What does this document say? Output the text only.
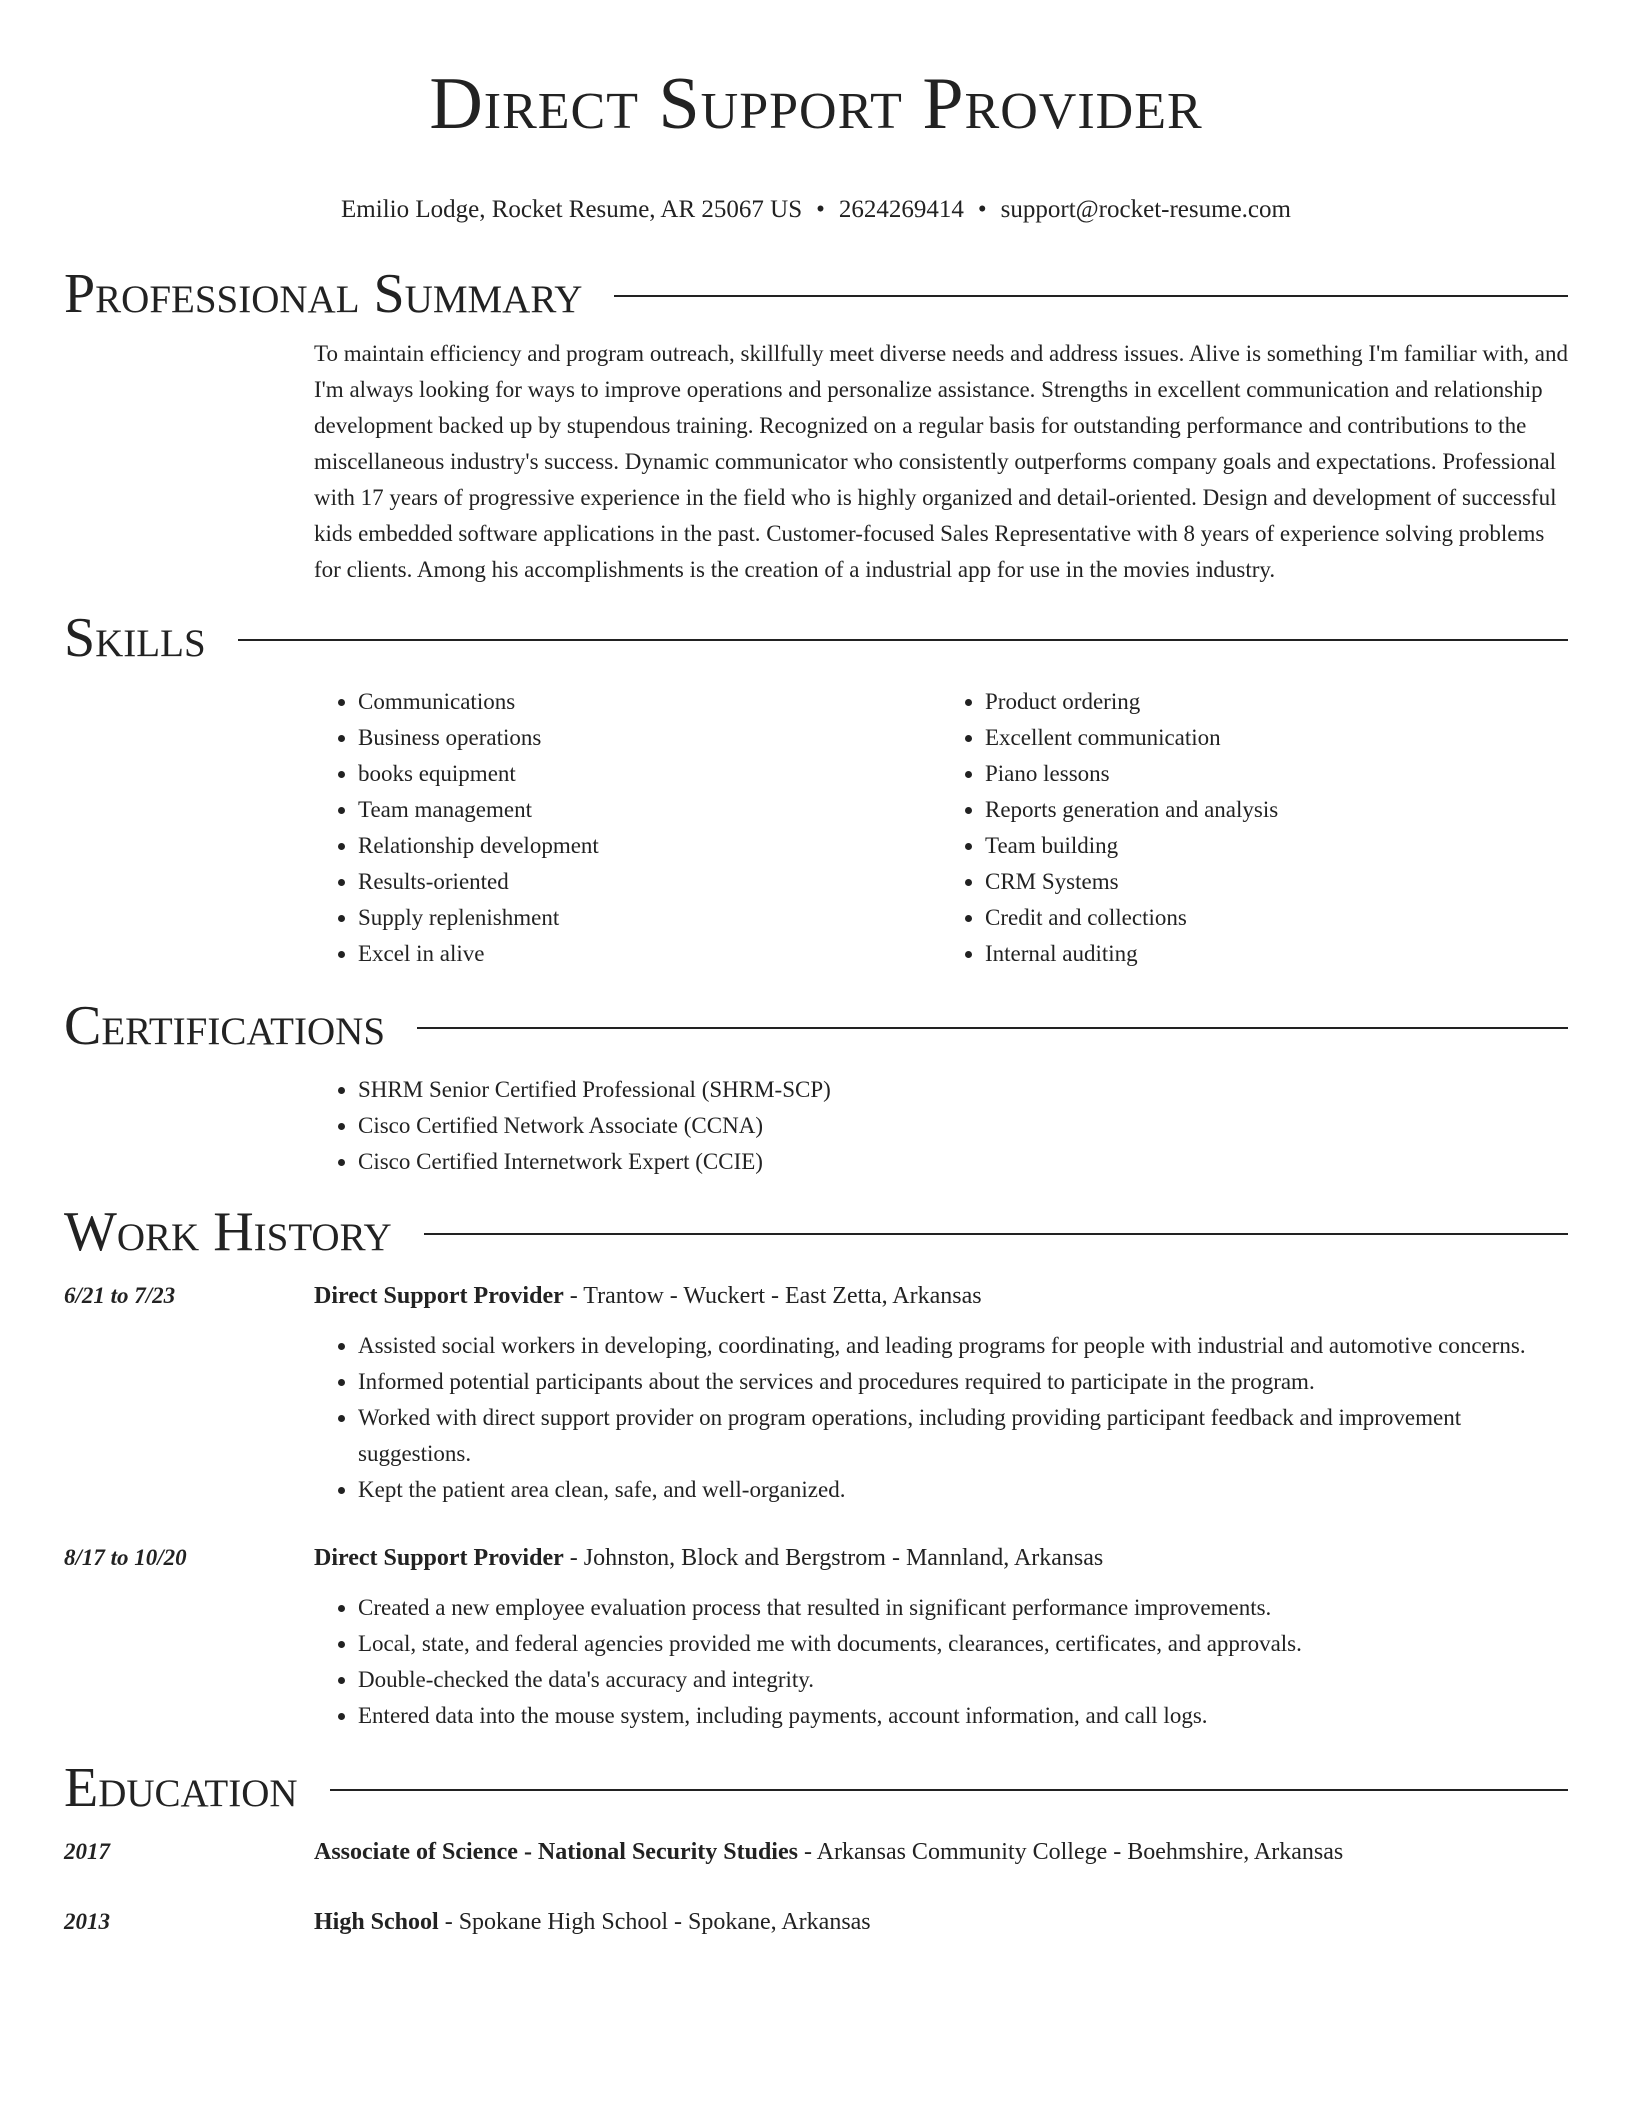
Direct Support Provider
Emilio Lodge, Rocket Resume, AR 25067 US • 2624269414 • support@rocket-resume.com
Professional Summary

To maintain efficiency and program outreach, skillfully meet diverse needs and address issues. Alive is something I'm familiar with, and I'm always looking for ways to improve operations and personalize assistance. Strengths in excellent communication and relationship development backed up by stupendous training. Recognized on a regular basis for outstanding performance and contributions to the miscellaneous industry's success. Dynamic communicator who consistently outperforms company goals and expectations. Professional with 17 years of progressive experience in the field who is highly organized and detail-oriented. Design and development of successful kids embedded software applications in the past. Customer-focused Sales Representative with 8 years of experience solving problems for clients. Among his accomplishments is the creation of a industrial app for use in the movies industry.

Skills
• Communications
• Business operations
• books equipment
• Team management
• Relationship development
• Results-oriented
• Supply replenishment
• Excel in alive
• Product ordering
• Excellent communication
• Piano lessons
• Reports generation and analysis
• Team building
• CRM Systems
• Credit and collections
• Internal auditing
Certifications
• SHRM Senior Certified Professional (SHRM-SCP)
• Cisco Certified Network Associate (CCNA)
• Cisco Certified Internetwork Expert (CCIE)
Work History
6/21 to 7/23	Direct Support Provider - Trantow - Wuckert - East Zetta, Arkansas
• Assisted social workers in developing, coordinating, and leading programs for people with industrial and automotive concerns.
• Informed potential participants about the services and procedures required to participate in the program.
• Worked with direct support provider on program operations, including providing participant feedback and improvement suggestions.
• Kept the patient area clean, safe, and well-organized.
8/17 to 10/20	Direct Support Provider - Johnston, Block and Bergstrom - Mannland, Arkansas
• Created a new employee evaluation process that resulted in significant performance improvements.
• Local, state, and federal agencies provided me with documents, clearances, certificates, and approvals.
• Double-checked the data's accuracy and integrity.
• Entered data into the mouse system, including payments, account information, and call logs.
Education
2017	Associate of Science - National Security Studies - Arkansas Community College - Boehmshire, Arkansas
2013	High School - Spokane High School - Spokane, Arkansas
